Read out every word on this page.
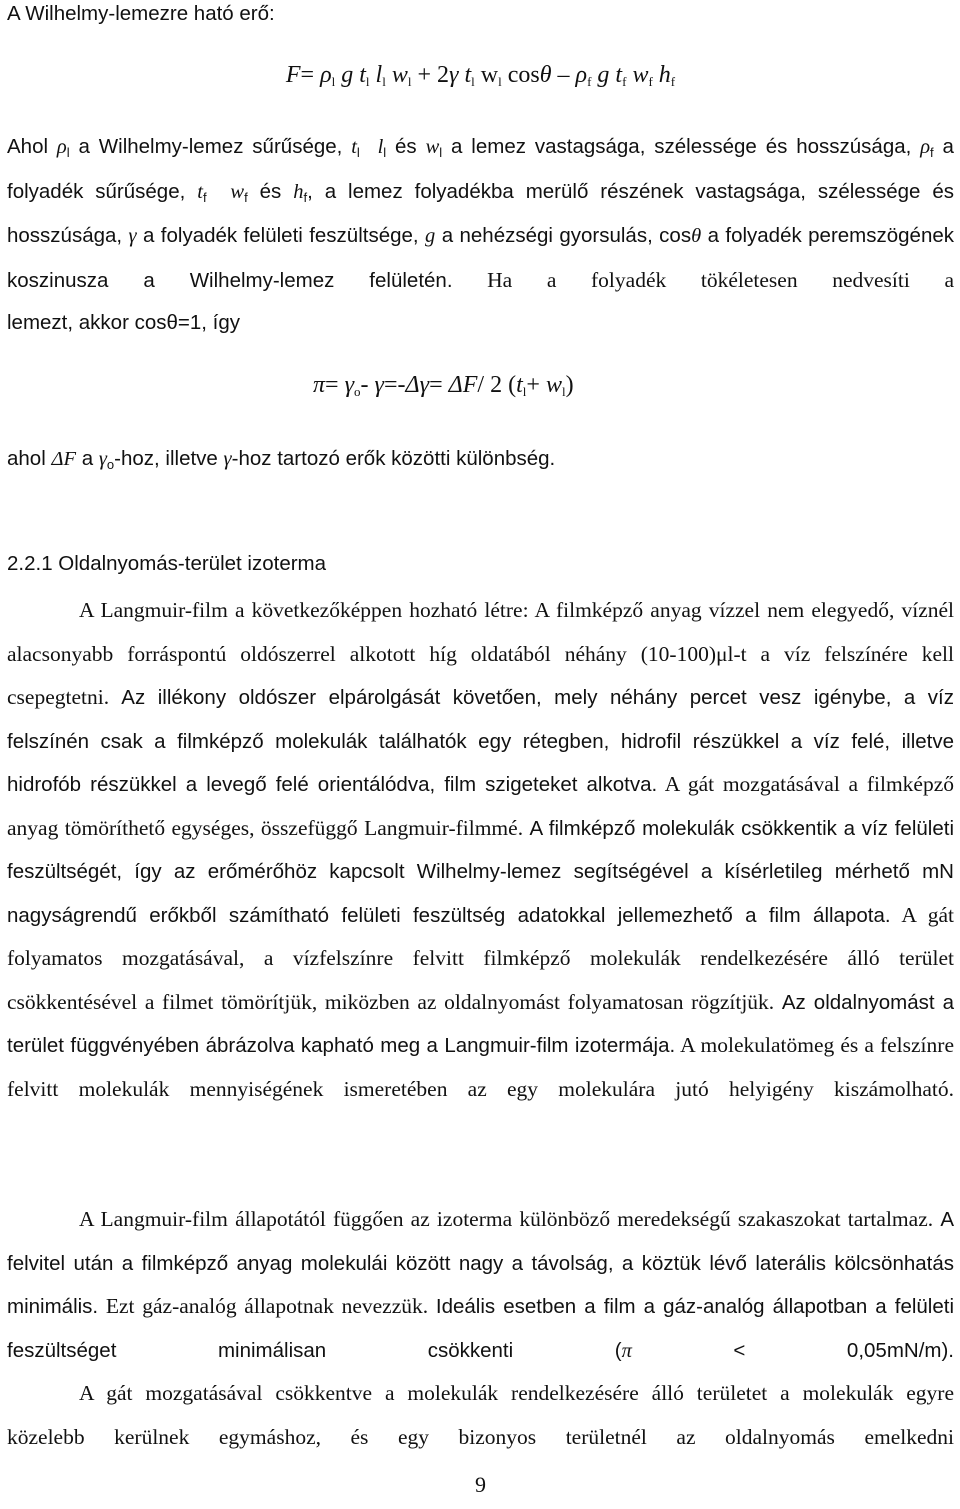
A Wilhelmy-lemezre ható erő:
$F= \rho_l$ g $t_l$ $l_l$ $w_l + 2\gamma$ $t_l$ $w_l$ cosθ – $\rho_f$ g $t_f$ $w_f$ $h_f$
Ahol $\rho_l$ a Wilhelmy-lemez sűrűsége, $t_l$ $l_l$ és $w_l$ a lemez vastagsága, szélessége és hosszúsága, $\rho_f$ a folyadék sűrűsége, $t_f$ $w_f$ és $h_f$, a lemez folyadékba merülő részének vastagsága, szélessége és hosszúsága, γ a folyadék felületi feszültsége, g a nehézségi gyorsulás, cosθ a folyadék peremszögének koszinusza a Wilhelmy-lemez felületén. Ha a folyadék tökéletesen nedvesíti a
lemezt, akkor cosθ=1, így
$\pi= \gamma_o-$ γ=-Δγ= ΔF/ 2 $(t_l+ w_l)$
ahol ΔF a $\gamma_o$-hoz, illetve γ-hoz tartozó erők közötti különbség.
2.2.1 Oldalnyomás-terület izoterma
A Langmuir-film a következőképpen hozható létre: A filmképző anyag vízzel nem elegyedő, víznél alacsonyabb forráspontú oldószerrel alkotott híg oldatából néhány (10-100)μl-t a víz felszínére kell csepegtetni. Az illékony oldószer elpárolgását követően, mely néhány percet vesz igénybe, a víz felszínén csak a filmképző molekulák találhatók egy rétegben, hidrofil részükkel a víz felé, illetve hidrofób részükkel a levegő felé orientálódva, film szigeteket alkotva. A gát mozgatásával a filmképző anyag tömöríthető egységes, összefüggő Langmuir-filmmé. A filmképző molekulák csökkentik a víz felületi feszültségét, így az erőmérőhöz kapcsolt Wilhelmy-lemez segítségével a kísérletileg mérhető mN nagyságrendű erőkből számítható felületi feszültség adatokkal jellemezhető a film állapota. A gát folyamatos mozgatásával, a vízfelszínre felvitt filmképző molekulák rendelkezésére álló terület csökkentésével a filmet tömörítjük, miközben az oldalnyomást folyamatosan rögzítjük. Az oldalnyomást a terület függvényében ábrázolva kapható meg a Langmuir-film izotermája. A molekulatömeg és a felszínre felvitt molekulák mennyiségének ismeretében az egy molekulára jutó helyigény kiszámolható.
A Langmuir-film állapotától függően az izoterma különböző meredekségű szakaszokat tartalmaz. A felvitel után a filmképző anyag molekulái között nagy a távolság, a köztük lévő laterális kölcsönhatás minimális. Ezt gáz-analóg állapotnak nevezzük. Ideális esetben a film a gáz-analóg állapotban a felületi feszültséget minimálisan csökkenti (π < 0,05mN/m).
A gát mozgatásával csökkentve a molekulák rendelkezésére álló területet a molekulák egyre közelebb kerülnek egymáshoz, és egy bizonyos területnél az oldalnyomás emelkedni
9
